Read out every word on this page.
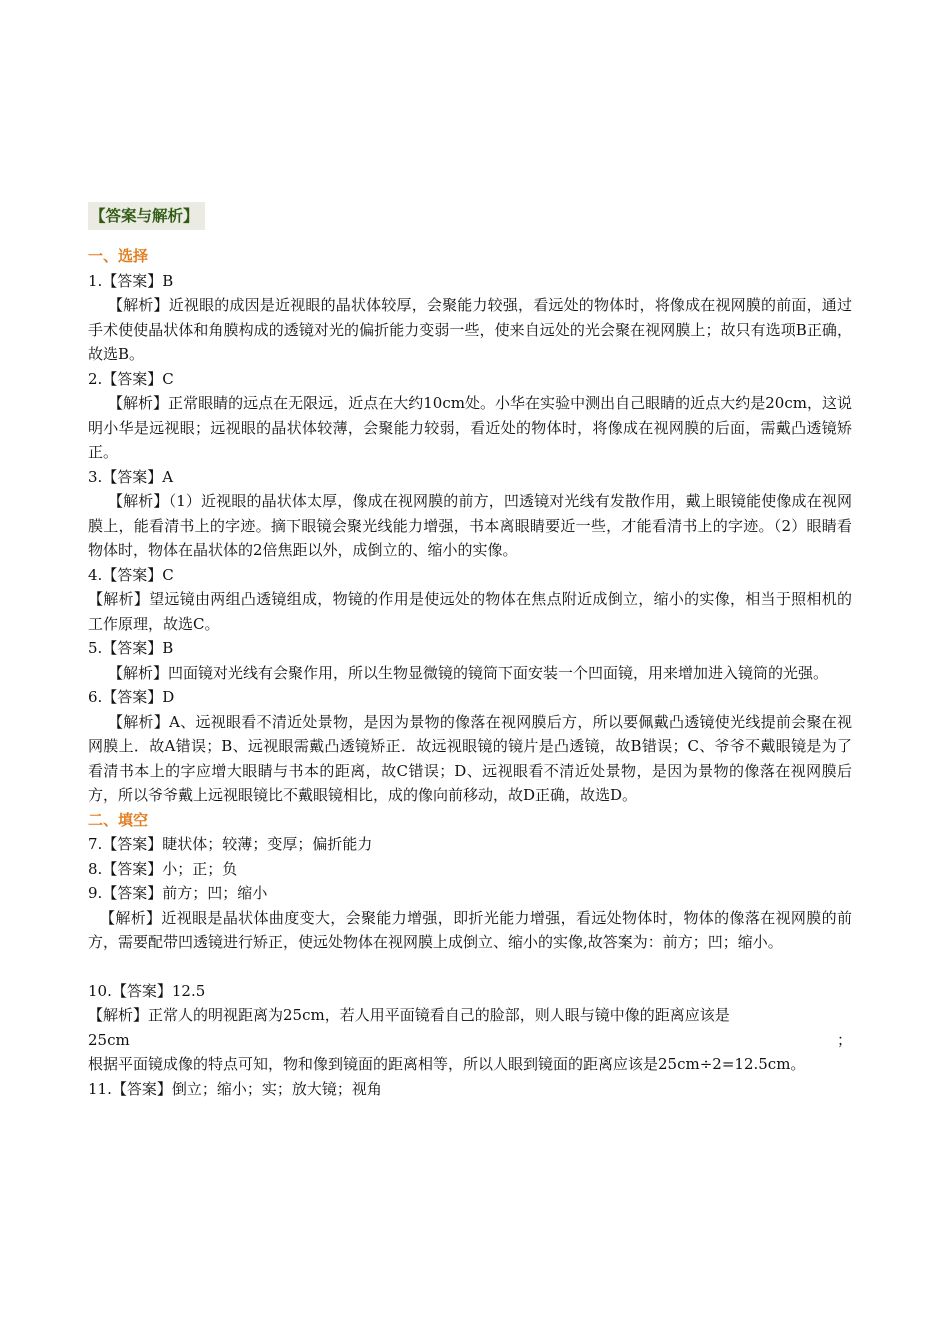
【答案与解析】
一、选择
1.【答案】B
【解析】近视眼的成因是近视眼的晶状体较厚，会聚能力较强，看远处的物体时，将像成在视网膜的前面，通过手术使使晶状体和角膜构成的透镜对光的偏折能力变弱一些，使来自远处的光会聚在视网膜上；故只有选项B正确，故选B。
2.【答案】C
【解析】正常眼睛的远点在无限远，近点在大约10cm处。小华在实验中测出自己眼睛的近点大约是20cm，这说明小华是远视眼；远视眼的晶状体较薄，会聚能力较弱，看近处的物体时，将像成在视网膜的后面，需戴凸透镜矫正。
3.【答案】A
【解析】（1）近视眼的晶状体太厚，像成在视网膜的前方，凹透镜对光线有发散作用，戴上眼镜能使像成在视网膜上，能看清书上的字迹。摘下眼镜会聚光线能力增强，书本离眼睛要近一些，才能看清书上的字迹。（2）眼睛看物体时，物体在晶状体的2倍焦距以外，成倒立的、缩小的实像。
4.【答案】C
【解析】望远镜由两组凸透镜组成，物镜的作用是使远处的物体在焦点附近成倒立，缩小的实像，相当于照相机的工作原理，故选C。
5.【答案】B
【解析】凹面镜对光线有会聚作用，所以生物显微镜的镜筒下面安装一个凹面镜，用来增加进入镜筒的光强。
6.【答案】D
【解析】A、远视眼看不清近处景物，是因为景物的像落在视网膜后方，所以要佩戴凸透镜使光线提前会聚在视网膜上．故A错误；B、远视眼需戴凸透镜矫正．故远视眼镜的镜片是凸透镜，故B错误；C、爷爷不戴眼镜是为了看清书本上的字应增大眼睛与书本的距离，故C错误；D、远视眼看不清近处景物，是因为景物的像落在视网膜后方，所以爷爷戴上远视眼镜比不戴眼镜相比，成的像向前移动，故D正确，故选D。
二、填空
7.【答案】睫状体；较薄；变厚；偏折能力
8.【答案】小；正；负
9.【答案】前方；凹；缩小
【解析】近视眼是晶状体曲度变大，会聚能力增强，即折光能力增强，看远处物体时，物体的像落在视网膜的前方，需要配带凹透镜进行矫正，使远处物体在视网膜上成倒立、缩小的实像,故答案为：前方；凹；缩小。
10.【答案】12.5
【解析】正常人的明视距离为25cm，若人用平面镜看自己的脸部，则人眼与镜中像的距离应该是
25cm	；
根据平面镜成像的特点可知，物和像到镜面的距离相等，所以人眼到镜面的距离应该是25cm÷2=12.5cm。
11.【答案】倒立；缩小；实；放大镜；视角
